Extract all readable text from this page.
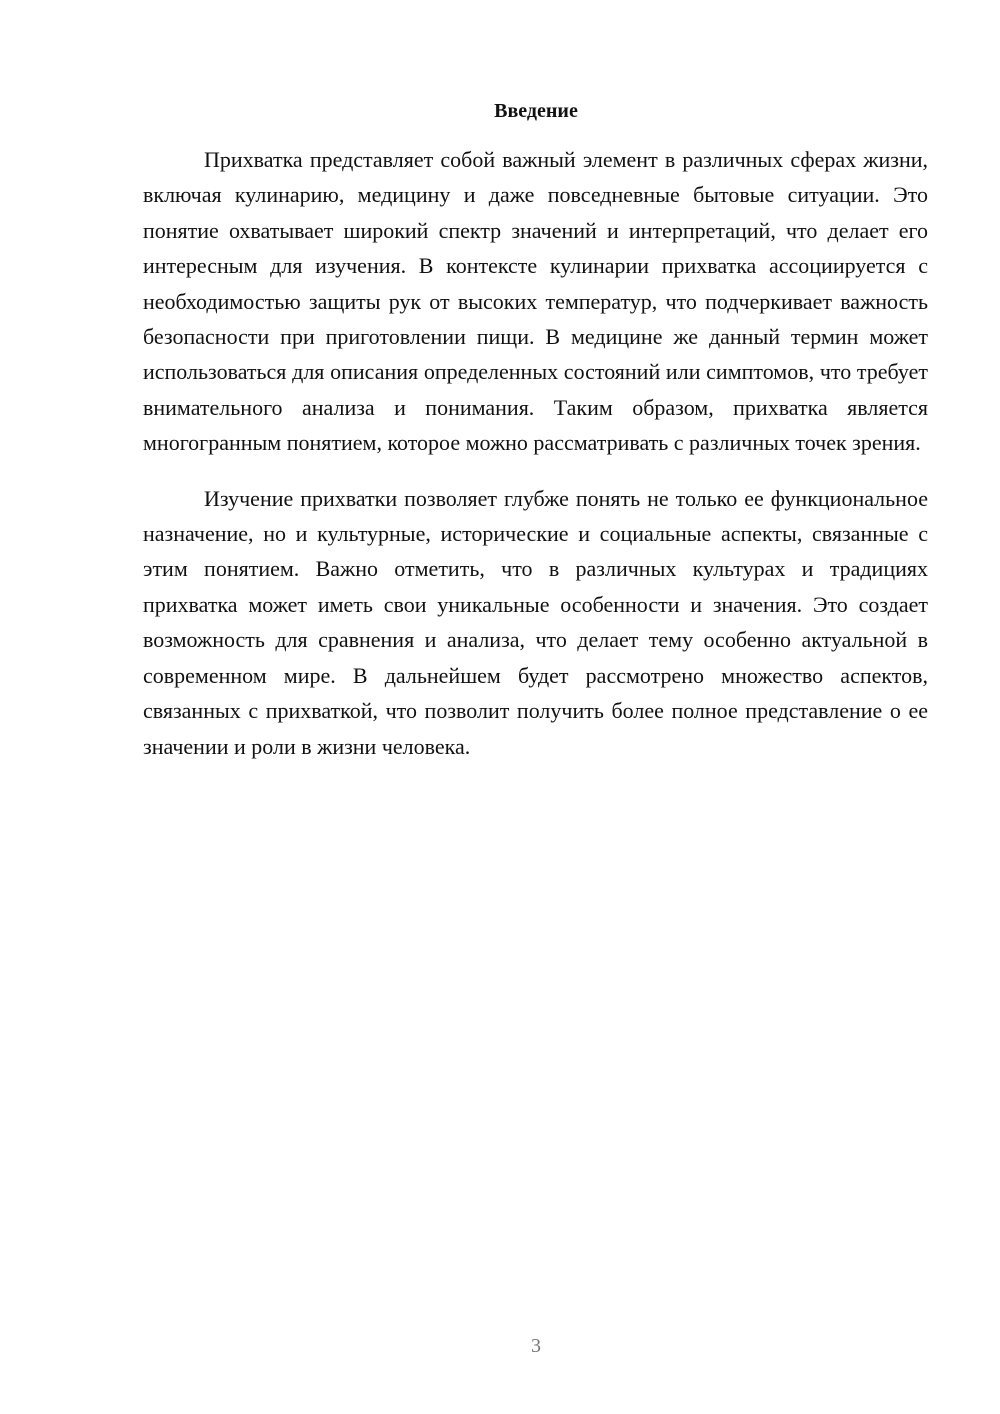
Введение

Прихватка представляет собой важный элемент в различных сферах жизни, включая кулинарию, медицину и даже повседневные бытовые ситуации. Это понятие охватывает широкий спектр значений и интерпретаций, что делает его интересным для изучения. В контексте кулинарии прихватка ассоциируется с необходимостью защиты рук от высоких температур, что подчеркивает важность безопасности при приготовлении пищи. В медицине же данный термин может использоваться для описания определенных состояний или симптомов, что требует внимательного анализа и понимания. Таким образом, прихватка является многогранным понятием, которое можно рассматривать с различных точек зрения.

Изучение прихватки позволяет глубже понять не только ее функциональное назначение, но и культурные, исторические и социальные аспекты, связанные с этим понятием. Важно отметить, что в различных культурах и традициях прихватка может иметь свои уникальные особенности и значения. Это создает возможность для сравнения и анализа, что делает тему особенно актуальной в современном мире. В дальнейшем будет рассмотрено множество аспектов, связанных с прихваткой, что позволит получить более полное представление о ее значении и роли в жизни человека.

3
